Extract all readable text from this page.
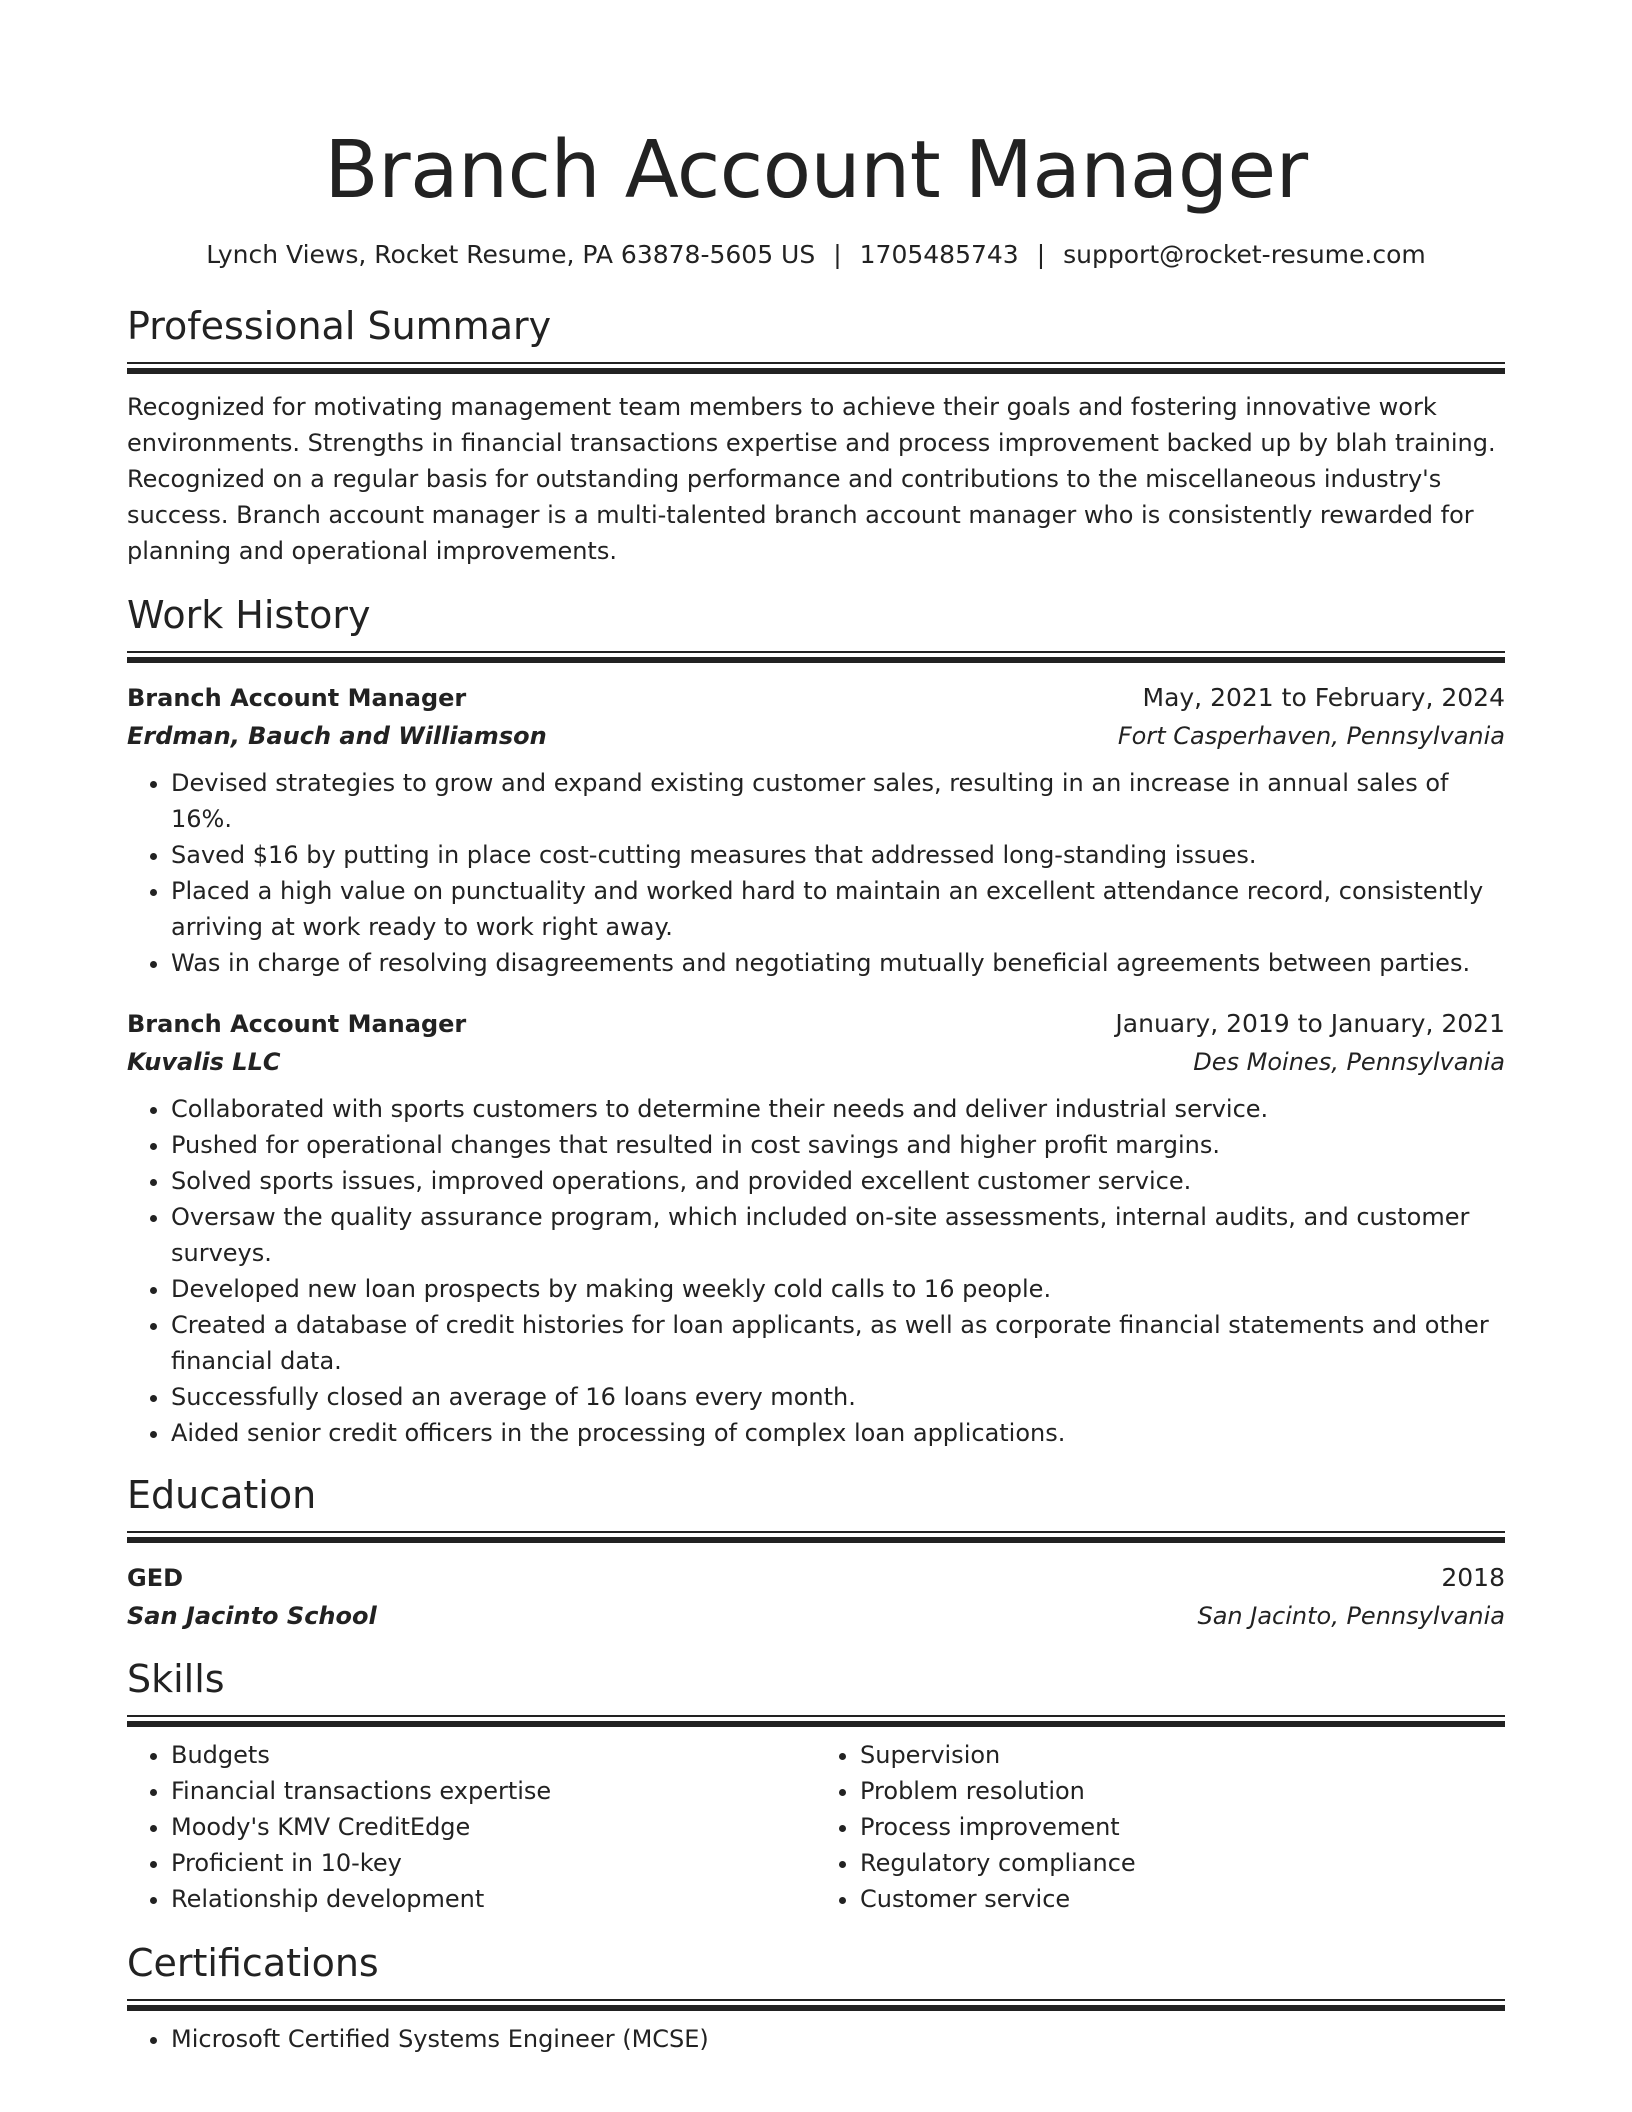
Branch Account Manager
Lynch Views, Rocket Resume, PA 63878-5605 US | 1705485743 | support@rocket-resume.com
Professional Summary
Recognized for motivating management team members to achieve their goals and fostering innovative work environments. Strengths in financial transactions expertise and process improvement backed up by blah training. Recognized on a regular basis for outstanding performance and contributions to the miscellaneous industry's success. Branch account manager is a multi-talented branch account manager who is consistently rewarded for planning and operational improvements.
Work History
Branch Account Manager	May, 2021 to February, 2024
Erdman, Bauch and Williamson	Fort Casperhaven, Pennsylvania
• Devised strategies to grow and expand existing customer sales, resulting in an increase in annual sales of 16%.
• Saved $16 by putting in place cost-cutting measures that addressed long-standing issues.
• Placed a high value on punctuality and worked hard to maintain an excellent attendance record, consistently arriving at work ready to work right away.
• Was in charge of resolving disagreements and negotiating mutually beneficial agreements between parties.
Branch Account Manager	January, 2019 to January, 2021
Kuvalis LLC	Des Moines, Pennsylvania
• Collaborated with sports customers to determine their needs and deliver industrial service.
• Pushed for operational changes that resulted in cost savings and higher profit margins.
• Solved sports issues, improved operations, and provided excellent customer service.
• Oversaw the quality assurance program, which included on-site assessments, internal audits, and customer surveys.
• Developed new loan prospects by making weekly cold calls to 16 people.
• Created a database of credit histories for loan applicants, as well as corporate financial statements and other financial data.
• Successfully closed an average of 16 loans every month.
• Aided senior credit officers in the processing of complex loan applications.
Education
GED	2018
San Jacinto School	San Jacinto, Pennsylvania
Skills
• Budgets
• Financial transactions expertise
• Moody's KMV CreditEdge
• Proficient in 10-key
• Relationship development
• Supervision
• Problem resolution
• Process improvement
• Regulatory compliance
• Customer service
Certifications
• Microsoft Certified Systems Engineer (MCSE)
